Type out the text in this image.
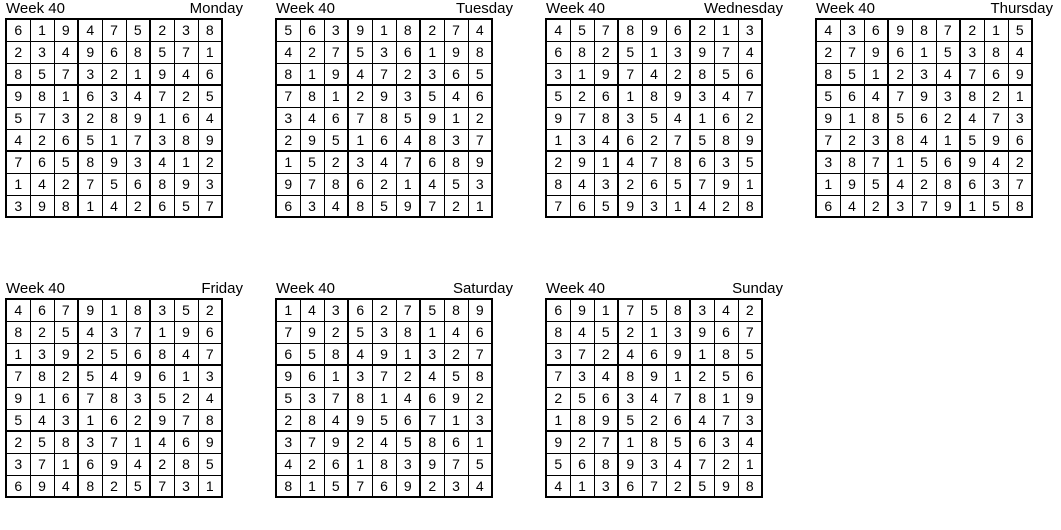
Week 40	Monday
6	1	9	4	7	5	2	3	8
2	3	4	9	6	8	5	7	1
8	5	7	3	2	1	9	4	6
9	8	1	6	3	4	7	2	5
5	7	3	2	8	9	1	6	4
4	2	6	5	1	7	3	8	9
7	6	5	8	9	3	4	1	2
1	4	2	7	5	6	8	9	3
3	9	8	1	4	2	6	5	7
Week 40	Tuesday
5	6	3	9	1	8	2	7	4
4	2	7	5	3	6	1	9	8
8	1	9	4	7	2	3	6	5
7	8	1	2	9	3	5	4	6
3	4	6	7	8	5	9	1	2
2	9	5	1	6	4	8	3	7
1	5	2	3	4	7	6	8	9
9	7	8	6	2	1	4	5	3
6	3	4	8	5	9	7	2	1
Week 40	Wednesday
4	5	7	8	9	6	2	1	3
6	8	2	5	1	3	9	7	4
3	1	9	7	4	2	8	5	6
5	2	6	1	8	9	3	4	7
9	7	8	3	5	4	1	6	2
1	3	4	6	2	7	5	8	9
2	9	1	4	7	8	6	3	5
8	4	3	2	6	5	7	9	1
7	6	5	9	3	1	4	2	8
Week 40	Thursday
4	3	6	9	8	7	2	1	5
2	7	9	6	1	5	3	8	4
8	5	1	2	3	4	7	6	9
5	6	4	7	9	3	8	2	1
9	1	8	5	6	2	4	7	3
7	2	3	8	4	1	5	9	6
3	8	7	1	5	6	9	4	2
1	9	5	4	2	8	6	3	7
6	4	2	3	7	9	1	5	8
Week 40	Friday
4	6	7	9	1	8	3	5	2
8	2	5	4	3	7	1	9	6
1	3	9	2	5	6	8	4	7
7	8	2	5	4	9	6	1	3
9	1	6	7	8	3	5	2	4
5	4	3	1	6	2	9	7	8
2	5	8	3	7	1	4	6	9
3	7	1	6	9	4	2	8	5
6	9	4	8	2	5	7	3	1
Week 40	Saturday
1	4	3	6	2	7	5	8	9
7	9	2	5	3	8	1	4	6
6	5	8	4	9	1	3	2	7
9	6	1	3	7	2	4	5	8
5	3	7	8	1	4	6	9	2
2	8	4	9	5	6	7	1	3
3	7	9	2	4	5	8	6	1
4	2	6	1	8	3	9	7	5
8	1	5	7	6	9	2	3	4
Week 40	Sunday
6	9	1	7	5	8	3	4	2
8	4	5	2	1	3	9	6	7
3	7	2	4	6	9	1	8	5
7	3	4	8	9	1	2	5	6
2	5	6	3	4	7	8	1	9
1	8	9	5	2	6	4	7	3
9	2	7	1	8	5	6	3	4
5	6	8	9	3	4	7	2	1
4	1	3	6	7	2	5	9	8
